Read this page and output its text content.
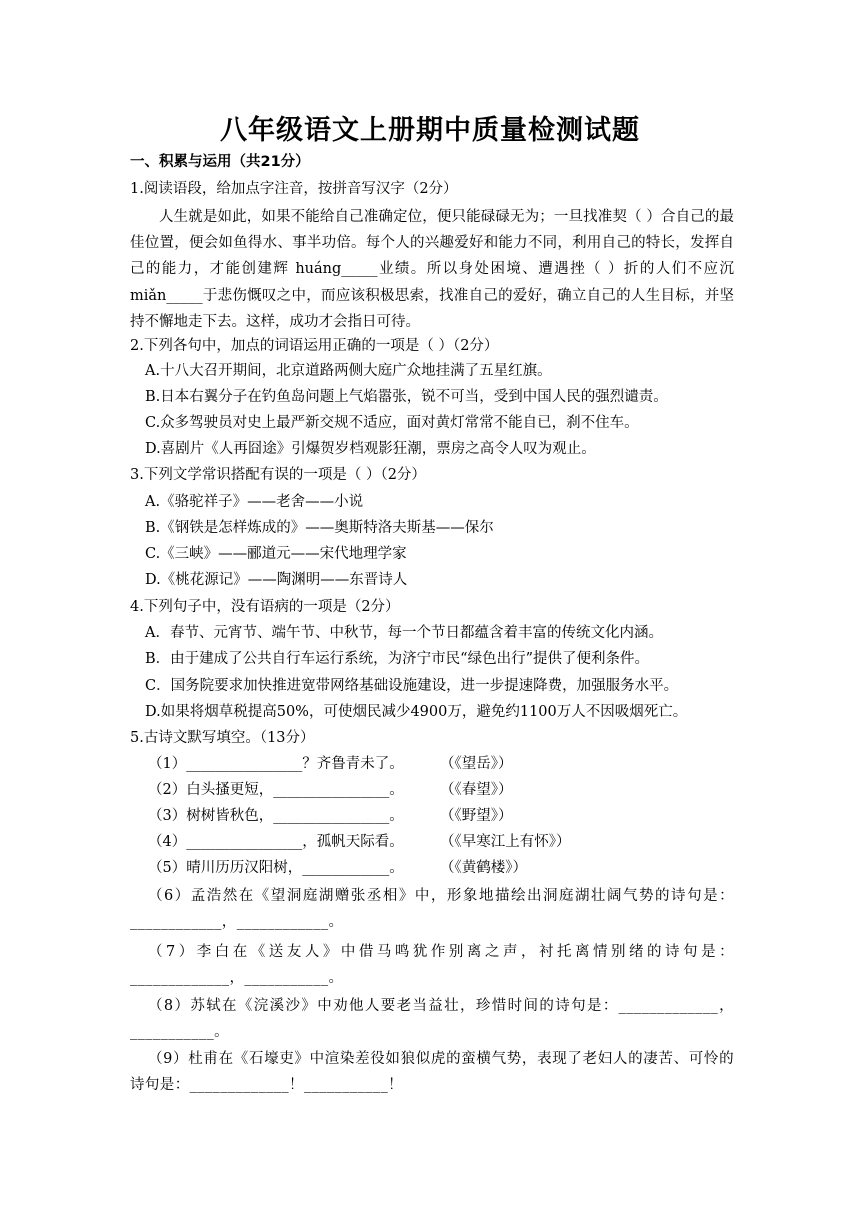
八年级语文上册期中质量检测试题
一、积累与运用（共21分）
1.阅读语段，给加点字注音，按拼音写汉字（2分）
人生就是如此，如果不能给自己准确定位，便只能碌碌无为；一旦找准契（ ）合自己的最佳位置，便会如鱼得水、事半功倍。每个人的兴趣爱好和能力不同，利用自己的特长，发挥自己的能力，才能创建辉 huáng_____业绩。所以身处困境、遭遇挫（ ）折的人们不应沉 miǎn_____于悲伤慨叹之中，而应该积极思索，找准自己的爱好，确立自己的人生目标，并坚持不懈地走下去。这样，成功才会指日可待。
2.下列各句中，加点的词语运用正确的一项是（ ）（2分）
A.十八大召开期间，北京道路两侧大庭广众地挂满了五星红旗。
B.日本右翼分子在钓鱼岛问题上气焰嚣张，锐不可当，受到中国人民的强烈谴责。
C.众多驾驶员对史上最严新交规不适应，面对黄灯常常不能自已，刹不住车。
D.喜剧片《人再囧途》引爆贺岁档观影狂潮，票房之高令人叹为观止。
3.下列文学常识搭配有误的一项是（ ）（2分）
A.《骆驼祥子》——老舍——小说
B.《钢铁是怎样炼成的》——奥斯特洛夫斯基——保尔
C.《三峡》——郦道元——宋代地理学家
D.《桃花源记》——陶渊明——东晋诗人
4.下列句子中，没有语病的一项是（2分）
A．春节、元宵节、端午节、中秋节，每一个节日都蕴含着丰富的传统文化内涵。
B．由于建成了公共自行车运行系统，为济宁市民“绿色出行”提供了便利条件。
C．国务院要求加快推进宽带网络基础设施建设，进一步提速降费，加强服务水平。
D.如果将烟草税提高50%，可使烟民减少4900万，避免约1100万人不因吸烟死亡。
5.古诗文默写填空。（13分）
（1）________________？齐鲁青未了。	（《望岳》）
（2）白头搔更短，________________。	（《春望》）
（3）树树皆秋色，________________。	（《野望》）
（4）________________，孤帆天际看。	（《早寒江上有怀》）
（5）晴川历历汉阳树，____________。	（《黄鹤楼》）
（6）孟浩然在《望洞庭湖赠张丞相》中，形象地描绘出洞庭湖壮阔气势的诗句是：____________，____________。
（7）李白在《送友人》中借马鸣犹作别离之声，衬托离情别绪的诗句是：_____________，___________。
（8）苏轼在《浣溪沙》中劝他人要老当益壮，珍惜时间的诗句是：_____________，___________。
（9）杜甫在《石壕吏》中渲染差役如狼似虎的蛮横气势，表现了老妇人的凄苦、可怜的诗句是：_____________！___________！
